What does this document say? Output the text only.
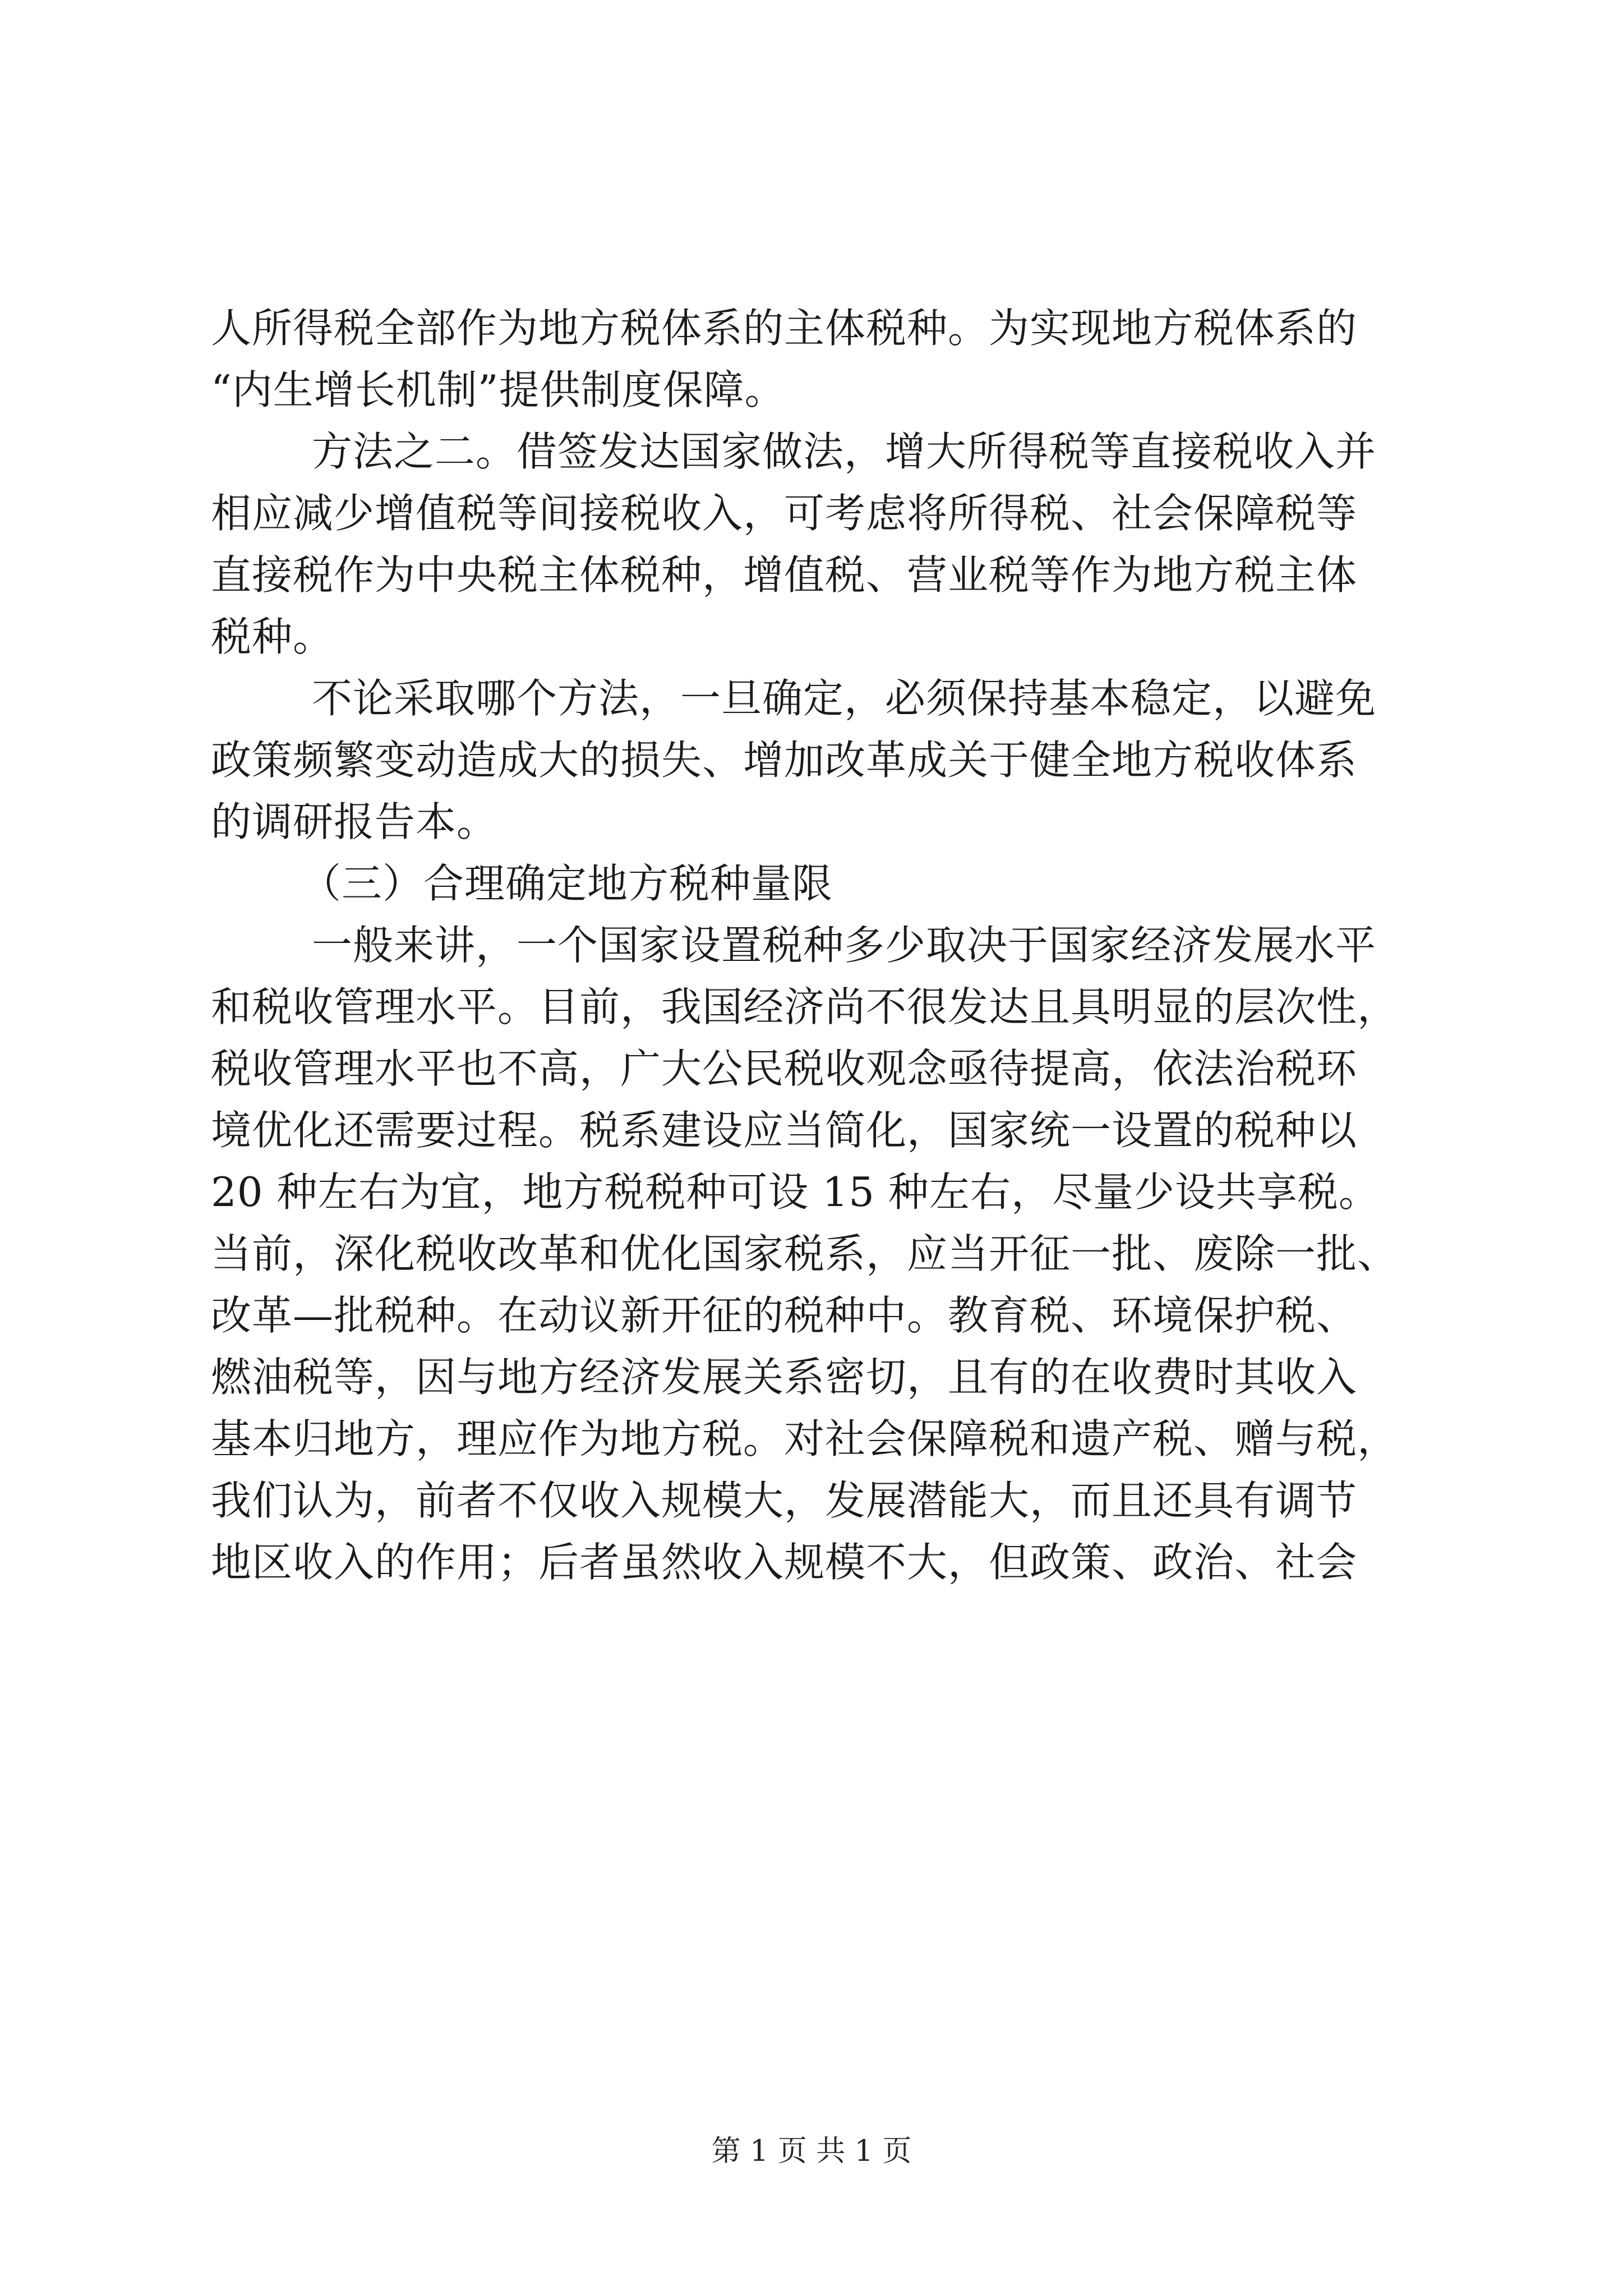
人所得税全部作为地方税体系的主体税种。为实现地方税体系的
“内生增长机制”提供制度保障。
方法之二。借签发达国家做法，增大所得税等直接税收入并
相应减少增值税等间接税收入，可考虑将所得税、社会保障税等
直接税作为中央税主体税种，增值税、营业税等作为地方税主体
税种。
不论采取哪个方法，一旦确定，必须保持基本稳定，以避免
政策频繁变动造成大的损失、增加改革成关于健全地方税收体系
的调研报告本。
（三）合理确定地方税种量限
一般来讲，一个国家设置税种多少取决于国家经济发展水平
和税收管理水平。目前，我国经济尚不很发达且具明显的层次性，
税收管理水平也不高，广大公民税收观念亟待提高，依法治税环
境优化还需要过程。税系建设应当简化，国家统一设置的税种以
20 种左右为宜，地方税税种可设 15 种左右，尽量少设共享税。
当前，深化税收改革和优化国家税系，应当开征一批、废除一批、
改革—批税种。在动议新开征的税种中。教育税、环境保护税、
燃油税等，因与地方经济发展关系密切，且有的在收费时其收入
基本归地方，理应作为地方税。对社会保障税和遗产税、赠与税，
我们认为，前者不仅收入规模大，发展潜能大，而且还具有调节
地区收入的作用；后者虽然收入规模不大，但政策、政治、社会
第 1 页 共 1 页
